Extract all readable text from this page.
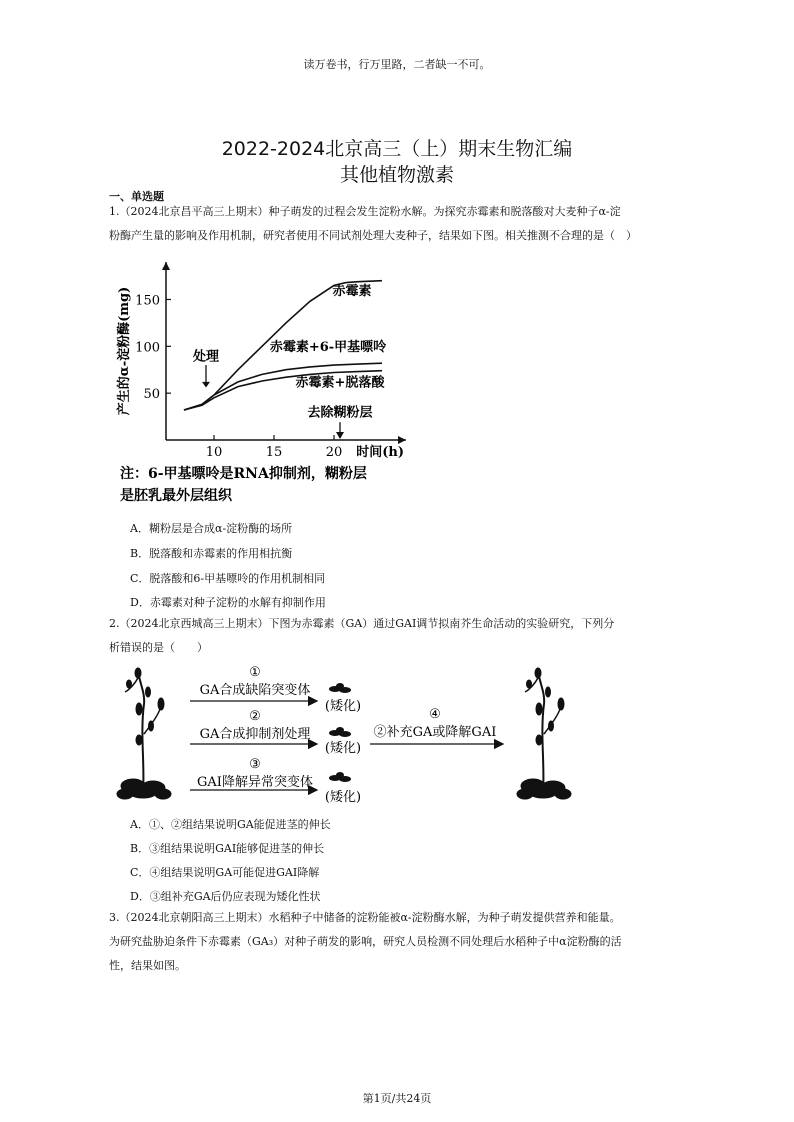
读万卷书，行万里路，二者缺一不可。
2022-2024北京高三（上）期末生物汇编
其他植物激素
一、单选题
1.（2024北京昌平高三上期末）种子萌发的过程会发生淀粉水解。为探究赤霉素和脱落酸对大麦种子α-淀
粉酶产生量的影响及作用机制，研究者使用不同试剂处理大麦种子，结果如下图。相关推测不合理的是（　）
50
100
150
10	15	20 时间(h)
产生的α-淀粉酶(mg)	赤霉素
赤霉素+6-甲基嘌呤
赤霉素+脱落酸
处理
去除糊粉层
注：6-甲基嘌呤是RNA抑制剂，糊粉层
是胚乳最外层组织
A．糊粉层是合成α-淀粉酶的场所
B．脱落酸和赤霉素的作用相抗衡
C．脱落酸和6-甲基嘌呤的作用机制相同
D．赤霉素对种子淀粉的水解有抑制作用
2.（2024北京西城高三上期末）下图为赤霉素（GA）通过GAI调节拟南芥生命活动的实验研究，下列分
析错误的是（　　）
①
GA合成缺陷突变体
(矮化)
②
GA合成抑制剂处理
(矮化)
③
GAI降解异常突变体
(矮化)
④
②补充GA或降解GAI
A．①、②组结果说明GA能促进茎的伸长
B．③组结果说明GAI能够促进茎的伸长
C．④组结果说明GA可能促进GAI降解
D．③组补充GA后仍应表现为矮化性状
3.（2024北京朝阳高三上期末）水稻种子中储备的淀粉能被α-淀粉酶水解，为种子萌发提供营养和能量。
为研究盐胁迫条件下赤霉素（GA₃）对种子萌发的影响，研究人员检测不同处理后水稻种子中α淀粉酶的活
性，结果如图。
第1页/共24页
